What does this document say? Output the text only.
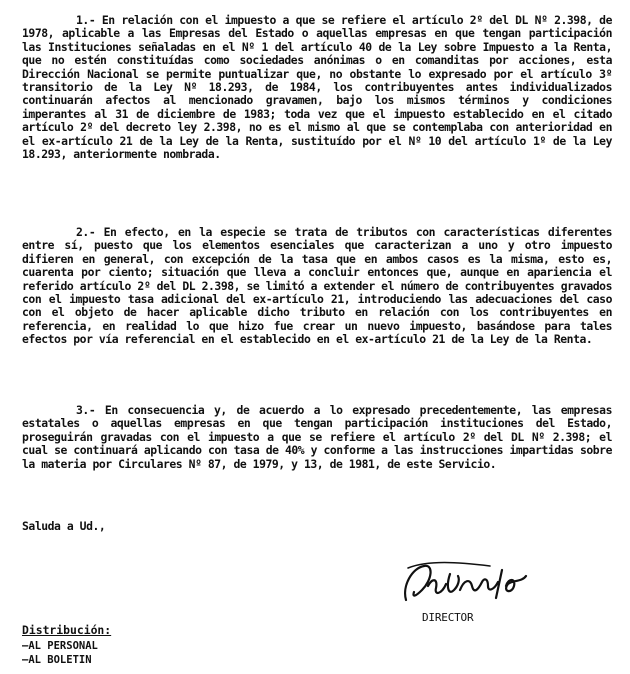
1.- En relación con el impuesto a que se refiere el artículo 2º del DL Nº 2.398, de 1978, aplicable a las Empresas del Estado o aquellas empresas en que tengan participación las Instituciones señaladas en el Nº 1 del artículo 40 de la Ley sobre Impuesto a la Renta, que no estén constituídas como sociedades anónimas o en comanditas por acciones, esta Dirección Nacional se permite puntualizar que, no obstante lo expresado por el artículo 3º transitorio de la Ley Nº 18.293, de 1984, los contribuyentes antes individualizados continuarán afectos al mencionado gravamen, bajo los mismos términos y condiciones imperantes al 31 de diciembre de 1983; toda vez que el impuesto establecido en el citado artículo 2º del decreto ley 2.398, no es el mismo al que se contemplaba con anterioridad en el ex-artículo 21 de la Ley de la Renta, sustituído por el Nº 10 del artículo 1º de la Ley 18.293, anteriormente nombrada.

2.- En efecto, en la especie se trata de tributos con características diferentes entre sí, puesto que los elementos esenciales que caracterizan a uno y otro impuesto difieren en general, con excepción de la tasa que en ambos casos es la misma, esto es, cuarenta por ciento; situación que lleva a concluir entonces que, aunque en apariencia el referido artículo 2º del DL 2.398, se limitó a extender el número de contribuyentes gravados con el impuesto tasa adicional del ex-artículo 21, introduciendo las adecuaciones del caso con el objeto de hacer aplicable dicho tributo en relación con los contribuyentes en referencia, en realidad lo que hizo fue crear un nuevo impuesto, basándose para tales efectos por vía referencial en el establecido en el ex-artículo 21 de la Ley de la Renta.

3.- En consecuencia y, de acuerdo a lo expresado precedentemente, las empresas estatales o aquellas empresas en que tengan participación instituciones del Estado, proseguirán gravadas con el impuesto a que se refiere el artículo 2º del DL Nº 2.398; el cual se continuará aplicando con tasa de 40% y conforme a las instrucciones impartidas sobre la materia por Circulares Nº 87, de 1979, y 13, de 1981, de este Servicio.

Saluda a Ud.,
DIRECTOR
Distribución:
– AL PERSONAL
– AL BOLETIN
